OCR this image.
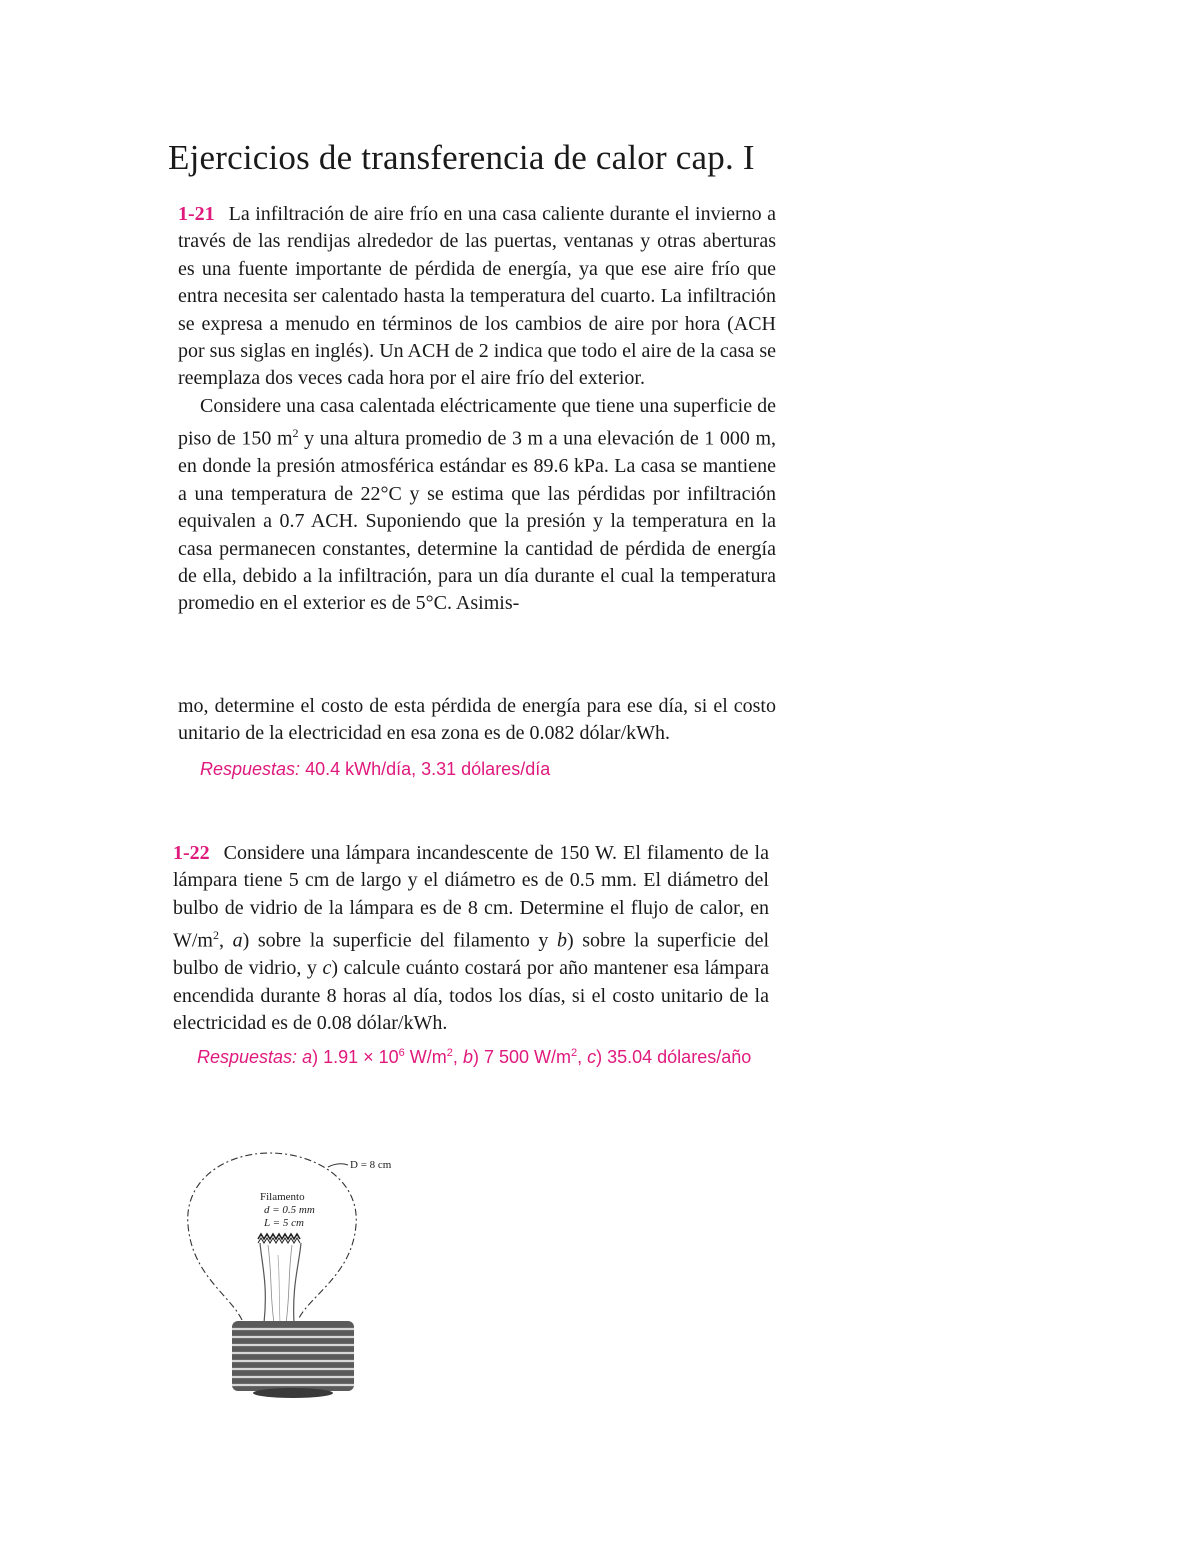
Ejercicios de transferencia de calor cap. I

1-21 La infiltración de aire frío en una casa caliente durante el invierno a través de las rendijas alrededor de las puertas, ventanas y otras aberturas es una fuente importante de pérdida de energía, ya que ese aire frío que entra necesita ser calentado hasta la temperatura del cuarto. La infiltración se expresa a menudo en términos de los cambios de aire por hora (ACH por sus siglas en inglés). Un ACH de 2 indica que todo el aire de la casa se reemplaza dos veces cada hora por el aire frío del exterior.

Considere una casa calentada eléctricamente que tiene una superficie de piso de 150 $m^2$ y una altura promedio de 3 m a una elevación de 1 000 m, en donde la presión atmosférica estándar es 89.6 kPa. La casa se mantiene a una temperatura de 22°C y se estima que las pérdidas por infiltración equivalen a 0.7 ACH. Suponiendo que la presión y la temperatura en la casa permanecen constantes, determine la cantidad de pérdida de energía de ella, debido a la infiltración, para un día durante el cual la temperatura promedio en el exterior es de 5°C. Asimis-

mo, determine el costo de esta pérdida de energía para ese día, si el costo unitario de la electricidad en esa zona es de 0.082 dólar/kWh.

Respuestas: 40.4 kWh/día, 3.31 dólares/día

1-22 Considere una lámpara incandescente de 150 W. El filamento de la lámpara tiene 5 cm de largo y el diámetro es de 0.5 mm. El diámetro del bulbo de vidrio de la lámpara es de 8 cm. Determine el flujo de calor, en $W/m^2$, a) sobre la superficie del filamento y b) sobre la superficie del bulbo de vidrio, y c) calcule cuánto costará por año mantener esa lámpara encendida durante 8 horas al día, todos los días, si el costo unitario de la electricidad es de 0.08 dólar/kWh.

Respuestas: a) $1.91 \times 10^6$ $W/m^2$, b) 7 500 $W/m^2$, c) 35.04 dólares/año
D = 8 cm
Filamento
d = 0.5 mm
L = 5 cm
